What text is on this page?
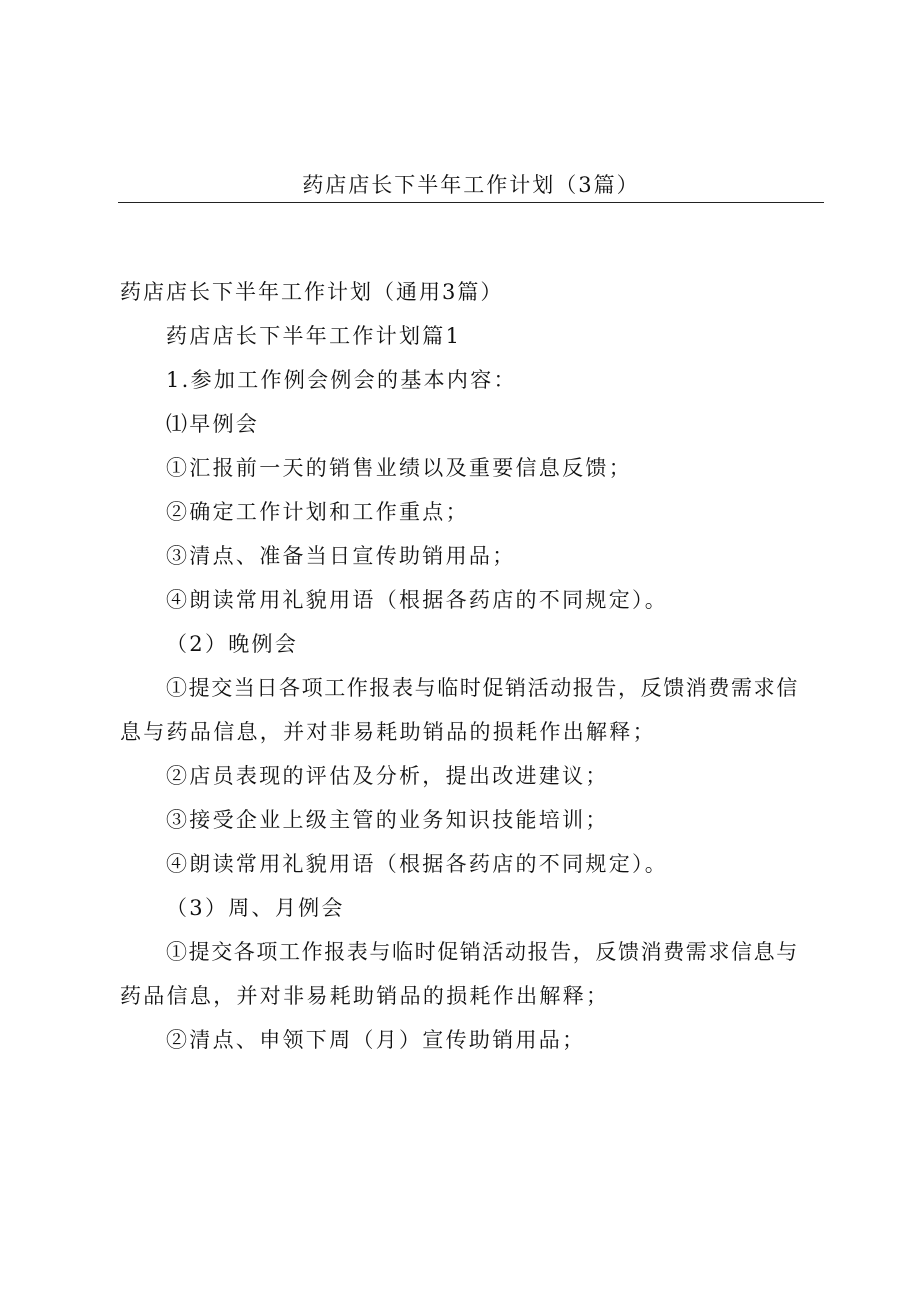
药店店长下半年工作计划（3篇）
药店店长下半年工作计划（通用3篇）
药店店长下半年工作计划篇1
1.参加工作例会例会的基本内容：
⑴早例会
①汇报前一天的销售业绩以及重要信息反馈；
②确定工作计划和工作重点；
③清点、准备当日宣传助销用品；
④朗读常用礼貌用语（根据各药店的不同规定）。
（2）晚例会
①提交当日各项工作报表与临时促销活动报告，反馈消费需求信
息与药品信息，并对非易耗助销品的损耗作出解释；
②店员表现的评估及分析，提出改进建议；
③接受企业上级主管的业务知识技能培训；
④朗读常用礼貌用语（根据各药店的不同规定）。
（3）周、月例会
①提交各项工作报表与临时促销活动报告，反馈消费需求信息与
药品信息，并对非易耗助销品的损耗作出解释；
②清点、申领下周（月）宣传助销用品；
